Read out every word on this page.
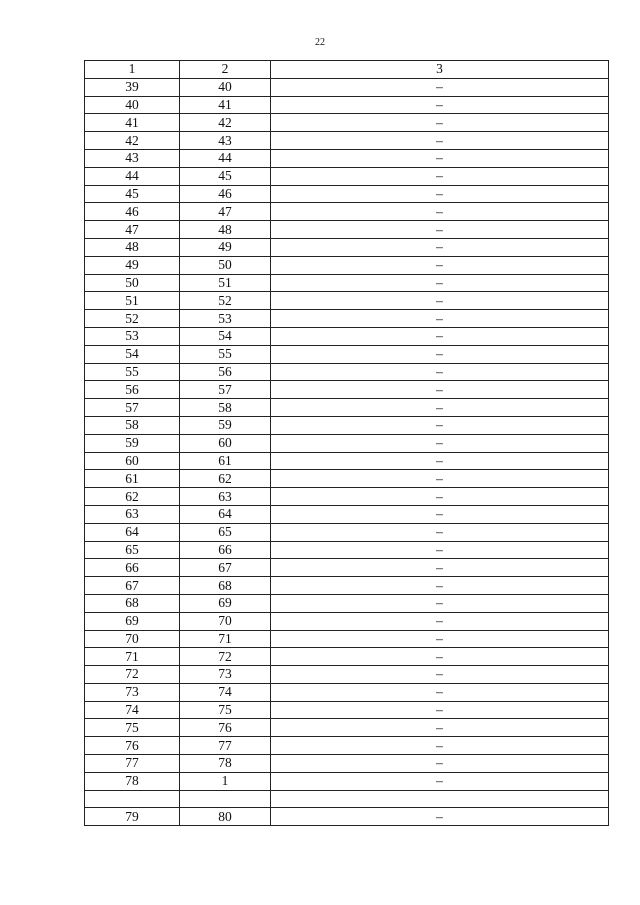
22
1	2	3
39	40	–
40	41	–
41	42	–
42	43	–
43	44	–
44	45	–
45	46	–
46	47	–
47	48	–
48	49	–
49	50	–
50	51	–
51	52	–
52	53	–
53	54	–
54	55	–
55	56	–
56	57	–
57	58	–
58	59	–
59	60	–
60	61	–
61	62	–
62	63	–
63	64	–
64	65	–
65	66	–
66	67	–
67	68	–
68	69	–
69	70	–
70	71	–
71	72	–
72	73	–
73	74	–
74	75	–
75	76	–
76	77	–
77	78	–
78	1	–

79	80	–
